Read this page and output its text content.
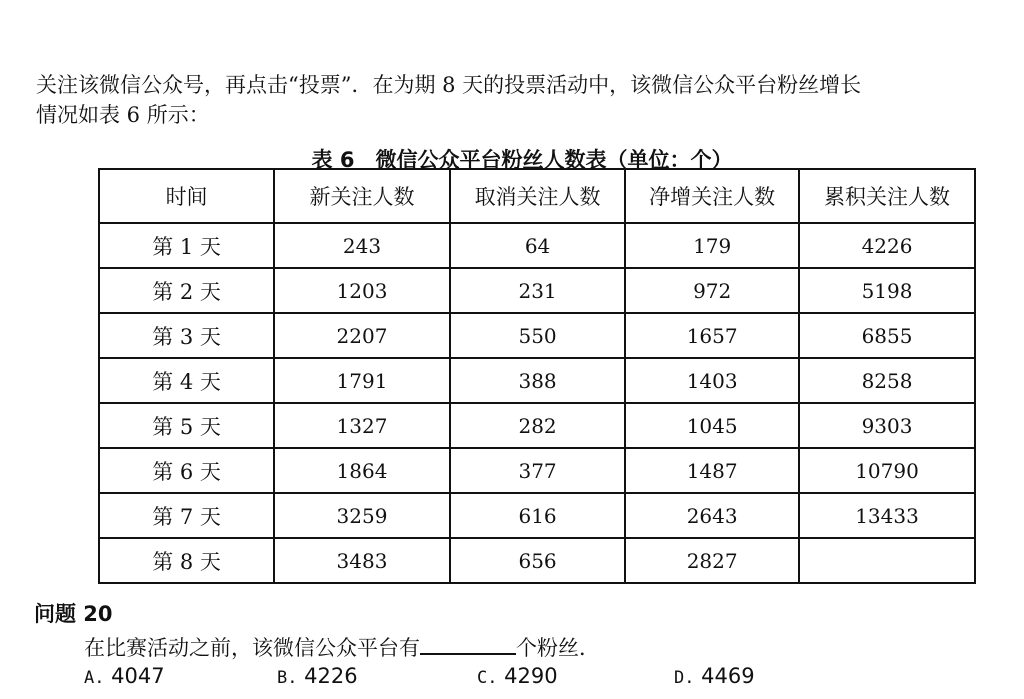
关注该微信公众号，再点击“投票”．在为期 8 天的投票活动中，该微信公众平台粉丝增长
情况如表 6 所示：

表 6　微信公众平台粉丝人数表（单位：个）

时间	新关注人数	取消关注人数	净增关注人数	累积关注人数
第 1 天	243	64	179	4226
第 2 天	1203	231	972	5198
第 3 天	2207	550	1657	6855
第 4 天	1791	388	1403	8258
第 5 天	1327	282	1045	9303
第 6 天	1864	377	1487	10790
第 7 天	3259	616	2643	13433
第 8 天	3483	656	2827	

问题 20

在比赛活动之前，该微信公众平台有	个粉丝．

A. 4047	B. 4226	C. 4290	D. 4469
